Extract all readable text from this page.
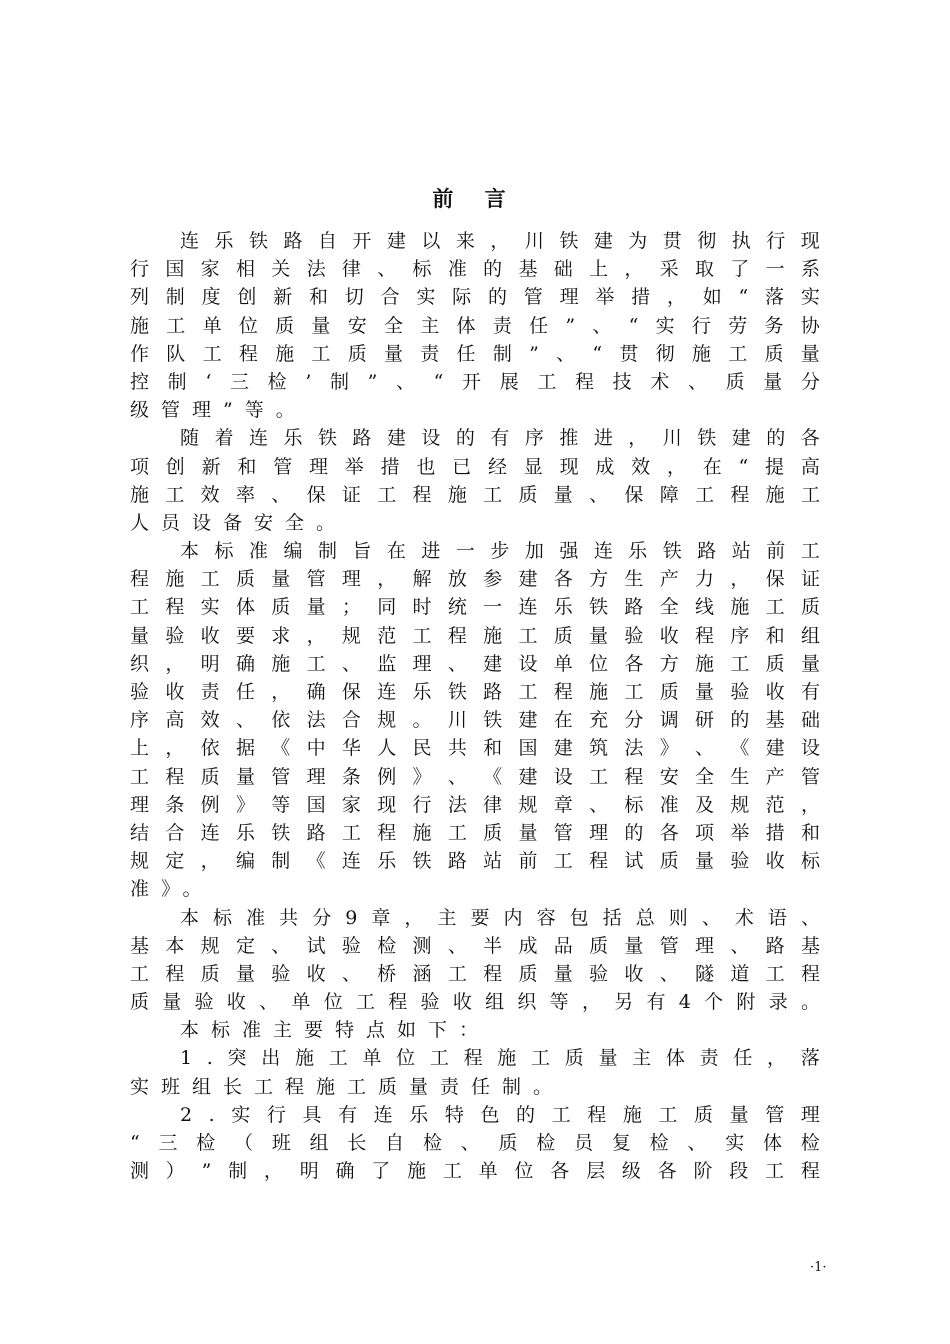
前 言
连 乐 铁 路 自 开 建 以 来 ， 川 铁 建 为 贯 彻 执 行 现
行 国 家 相 关 法 律 、 标 准 的 基 础 上 ， 采 取 了 一 系
列 制 度 创 新 和 切 合 实 际 的 管 理 举 措 ， 如 “ 落 实
施 工 单 位 质 量 安 全 主 体 责 任 ” 、 “ 实 行 劳 务 协
作 队 工 程 施 工 质 量 责 任 制 ” 、 “ 贯 彻 施 工 质 量
控 制 ‘ 三 检 ’ 制 ” 、 “ 开 展 工 程 技 术 、 质 量 分
级管理”等。
随 着 连 乐 铁 路 建 设 的 有 序 推 进 ， 川 铁 建 的 各
项 创 新 和 管 理 举 措 也 已 经 显 现 成 效 ， 在 “ 提 高
施 工 效 率 、 保 证 工 程 施 工 质 量 、 保 障 工 程 施 工
人员设备安全。
本 标 准 编 制 旨 在 进 一 步 加 强 连 乐 铁 路 站 前 工
程 施 工 质 量 管 理 ， 解 放 参 建 各 方 生 产 力 ， 保 证
工 程 实 体 质 量 ； 同 时 统 一 连 乐 铁 路 全 线 施 工 质
量 验 收 要 求 ， 规 范 工 程 施 工 质 量 验 收 程 序 和 组
织 ， 明 确 施 工 、 监 理 、 建 设 单 位 各 方 施 工 质 量
验 收 责 任 ， 确 保 连 乐 铁 路 工 程 施 工 质 量 验 收 有
序 高 效 、 依 法 合 规 。 川 铁 建 在 充 分 调 研 的 基 础
上 ， 依 据 《 中 华 人 民 共 和 国 建 筑 法 》 、 《 建 设
工 程 质 量 管 理 条 例 》 、 《 建 设 工 程 安 全 生 产 管
理 条 例 》 等 国 家 现 行 法 律 规 章 、 标 准 及 规 范 ，
结 合 连 乐 铁 路 工 程 施 工 质 量 管 理 的 各 项 举 措 和
规 定 ， 编 制 《 连 乐 铁 路 站 前 工 程 试 质 量 验 收 标
准》。
本 标 准 共 分 9 章 ， 主 要 内 容 包 括 总 则 、 术 语 、
基 本 规 定 、 试 验 检 测 、 半 成 品 质 量 管 理 、 路 基
工 程 质 量 验 收 、 桥 涵 工 程 质 量 验 收 、 隧 道 工 程
质 量 验 收 、 单 位 工 程 验 收 组 织 等 ， 另 有 4 个 附 录 。
本标准主要特点如下：
1 . 突 出 施 工 单 位 工 程 施 工 质 量 主 体 责 任 ， 落
实班组长工程施工质量责任制。
2 . 实 行 具 有 连 乐 特 色 的 工 程 施 工 质 量 管 理
“ 三 检 （ 班 组 长 自 检 、 质 检 员 复 检 、 实 体 检
测 ） ” 制 ， 明 确 了 施 工 单 位 各 层 级 各 阶 段 工 程
·1·
